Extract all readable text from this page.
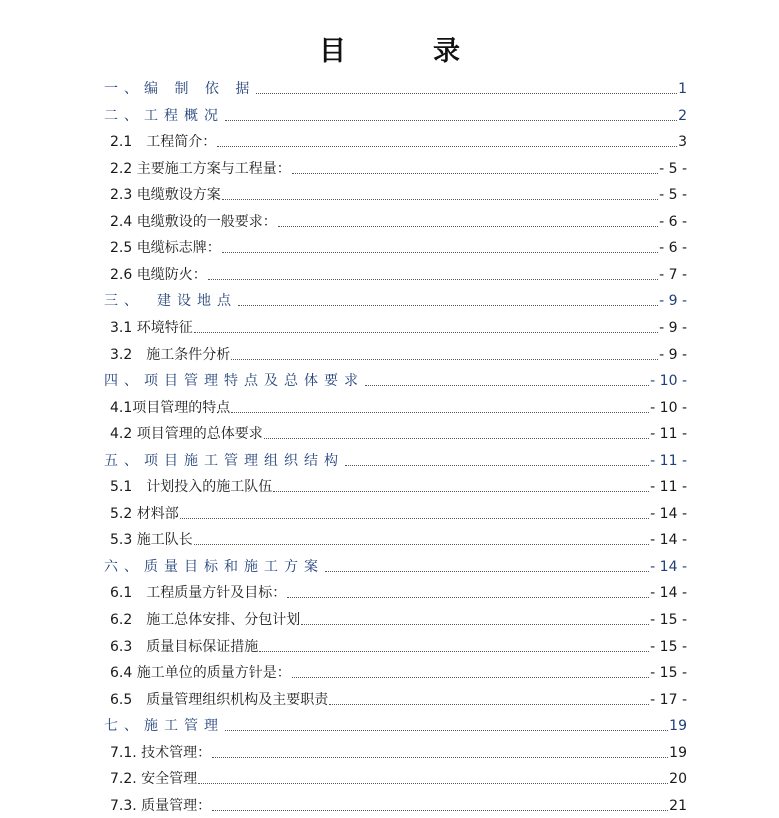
目　录
一、编 制 依 据	1
二、工程概况	2
2.1　工程简介：	3
2.2 主要施工方案与工程量：	- 5 -
2.3 电缆敷设方案	- 5 -
2.4 电缆敷设的一般要求：	- 6 -
2.5 电缆标志牌：	- 6 -
2.6 电缆防火：	- 7 -
三、　建设地点	- 9 -
3.1 环境特征	- 9 -
3.2　施工条件分析	- 9 -
四、项目管理特点及总体要求	- 10 -
4.1项目管理的特点	- 10 -
4.2 项目管理的总体要求	- 11 -
五、项目施工管理组织结构	- 11 -
5.1　计划投入的施工队伍	- 11 -
5.2 材料部	- 14 -
5.3 施工队长	- 14 -
六、质量目标和施工方案	- 14 -
6.1　工程质量方针及目标：	- 14 -
6.2　施工总体安排、分包计划	- 15 -
6.3　质量目标保证措施	- 15 -
6.4 施工单位的质量方针是：	- 15 -
6.5　质量管理组织机构及主要职责	- 17 -
七、施工管理	19
7.1. 技术管理：	19
7.2. 安全管理	20
7.3. 质量管理：	21
